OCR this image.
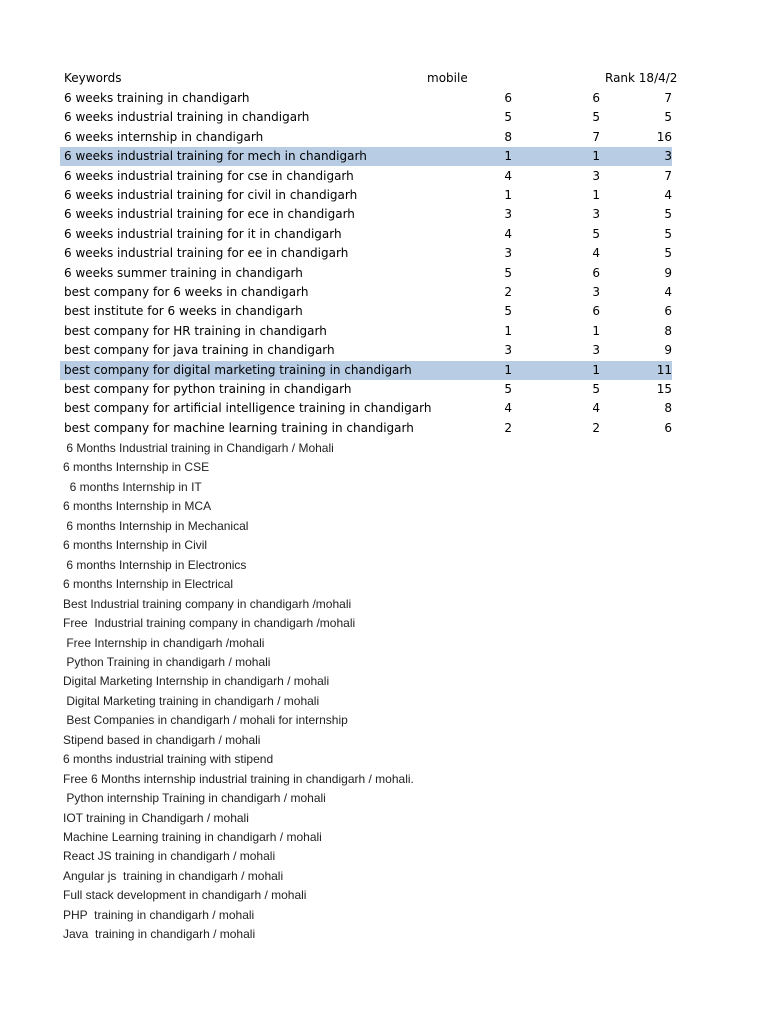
Keywords	mobile	Rank 18/4/2
6 weeks training in chandigarh	6	6	7
6 weeks industrial training in chandigarh	5	5	5
6 weeks internship in chandigarh	8	7	16
6 weeks industrial training for mech in chandigarh	1	1	3
6 weeks industrial training for cse in chandigarh	4	3	7
6 weeks industrial training for civil in chandigarh	1	1	4
6 weeks industrial training for ece in chandigarh	3	3	5
6 weeks industrial training for it in chandigarh	4	5	5
6 weeks industrial training for ee in chandigarh	3	4	5
6 weeks summer training in chandigarh	5	6	9
best company for 6 weeks in chandigarh	2	3	4
best institute for 6 weeks in chandigarh	5	6	6
best company for HR training in chandigarh	1	1	8
best company for java training in chandigarh	3	3	9
best company for digital marketing training in chandigarh	1	1	11
best company for python training in chandigarh	5	5	15
best company for artificial intelligence training in chandigarh	4	4	8
best company for machine learning training in chandigarh	2	2	6
6 Months Industrial training in Chandigarh / Mohali
6 months Internship in CSE
6 months Internship in IT
6 months Internship in MCA
6 months Internship in Mechanical
6 months Internship in Civil
6 months Internship in Electronics
6 months Internship in Electrical
Best Industrial training company in chandigarh /mohali
Free  Industrial training company in chandigarh /mohali
Free Internship in chandigarh /mohali
Python Training in chandigarh / mohali
Digital Marketing Internship in chandigarh / mohali
Digital Marketing training in chandigarh / mohali
Best Companies in chandigarh / mohali for internship
Stipend based in chandigarh / mohali
6 months industrial training with stipend
Free 6 Months internship industrial training in chandigarh / mohali.
Python internship Training in chandigarh / mohali
IOT training in Chandigarh / mohali
Machine Learning training in chandigarh / mohali
React JS training in chandigarh / mohali
Angular js  training in chandigarh / mohali
Full stack development in chandigarh / mohali
PHP  training in chandigarh / mohali
Java  training in chandigarh / mohali
